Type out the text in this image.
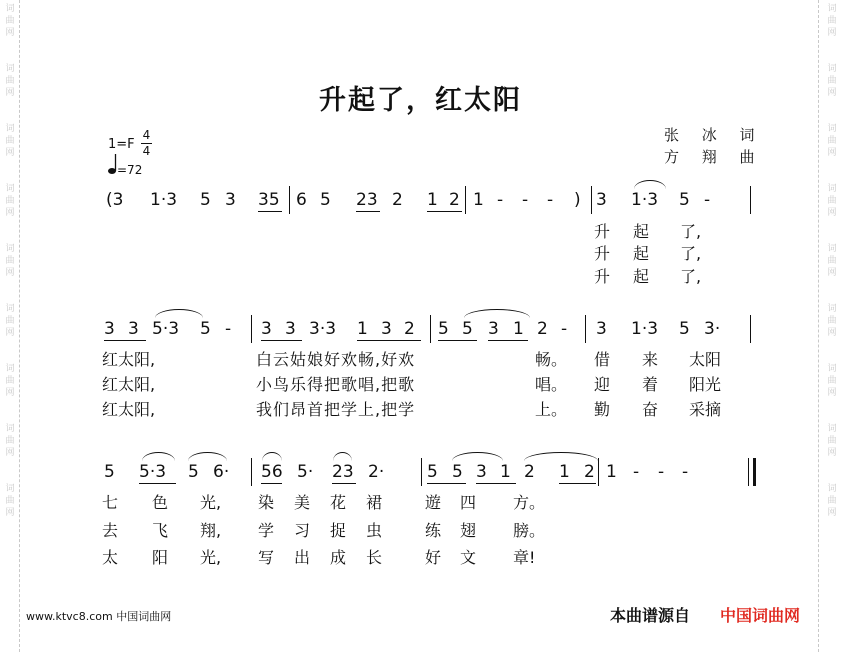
词
曲
网
词
曲
网
词
曲
网
词
曲
网
词
曲
网
词
曲
网
词
曲
网
词
曲
网
词
曲
网
词
曲
网
词
曲
网
词
曲
网
词
曲
网
词
曲
网
词
曲
网
词
曲
网
词
曲
网
词
曲
网
升起了，红太阳
1=F
4
4
=72
张 冰 词
方 翔 曲
(3 1·3 5 3 35 6 5 23 2 1 2 1 - - - ) 3 1·3 5 -
3 3 5·3 5 - 3 3 3·3 1 3 2 5 5 3 1 2 - 3 1·3 5 3·
5 5·3 5 6· 56 5· 23 2·	5 5 3 1 2 1 2 1 - - -
升 起 了,
升 起 了,
升 起 了,
红太阳,	白云姑娘好欢畅,好欢	畅。 借 来 太阳
红太阳,	小鸟乐得把歌唱,把歌	唱。 迎 着 阳光
红太阳,	我们昂首把学上,把学	上。 勤 奋 采摘
七 色 光, 染 美 花 裙	遊 四 方。
去 飞 翔, 学 习 捉 虫	练 翅 膀。
太 阳 光, 写 出 成 长	好 文 章!
www.ktvc8.com 中国词曲网	本曲谱源自 中国词曲网
